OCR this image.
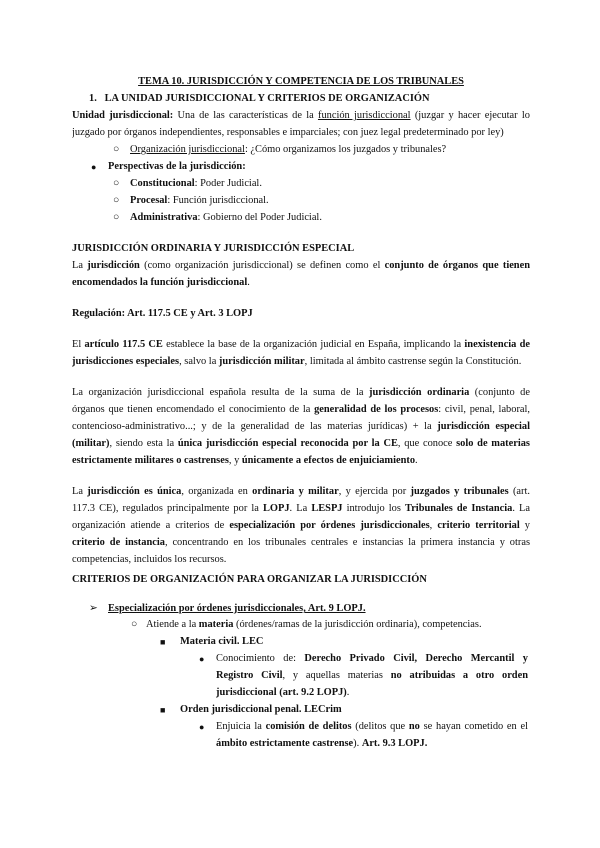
TEMA 10. JURISDICCIÓN Y COMPETENCIA DE LOS TRIBUNALES
1. LA UNIDAD JURISDICCIONAL Y CRITERIOS DE ORGANIZACIÓN
Unidad jurisdiccional: Una de las características de la función jurisdiccional (juzgar y hacer ejecutar lo
juzgado por órganos independientes, responsables e imparciales; con juez legal predeterminado por ley)
○ Organización jurisdiccional: ¿Cómo organizamos los juzgados y tribunales?
● Perspectivas de la jurisdicción:
○ Constitucional: Poder Judicial.
○ Procesal: Función jurisdiccional.
○ Administrativa: Gobierno del Poder Judicial.
JURISDICCIÓN ORDINARIA Y JURISDICCIÓN ESPECIAL
La jurisdicción (como organización jurisdiccional) se definen como el conjunto de órganos que tienen
encomendados la función jurisdiccional.
Regulación: Art. 117.5 CE y Art. 3 LOPJ
El artículo 117.5 CE establece la base de la organización judicial en España, implicando la inexistencia de
jurisdicciones especiales, salvo la jurisdicción militar, limitada al ámbito castrense según la Constitución.
La organización jurisdiccional española resulta de la suma de la jurisdicción ordinaria (conjunto de
órganos que tienen encomendado el conocimiento de la generalidad de los procesos: civil, penal, laboral,
contencioso-administrativo...; y de la generalidad de las materias jurídicas) + la jurisdicción especial
(militar), siendo esta la única jurisdicción especial reconocida por la CE, que conoce solo de materias
estrictamente militares o castrenses, y únicamente a efectos de enjuiciamiento.
La jurisdicción es única, organizada en ordinaria y militar, y ejercida por juzgados y tribunales (art.
117.3 CE), regulados principalmente por la LOPJ. La LESPJ introdujo los Tribunales de Instancia. La
organización atiende a criterios de especialización por órdenes jurisdiccionales, criterio territorial y
criterio de instancia, concentrando en los tribunales centrales e instancias la primera instancia y otras
competencias, incluidos los recursos.
CRITERIOS DE ORGANIZACIÓN PARA ORGANIZAR LA JURISDICCIÓN
➢ Especialización por órdenes jurisdiccionales, Art. 9 LOPJ.
○ Atiende a la materia (órdenes/ramas de la jurisdicción ordinaria), competencias.
■ Materia civil. LEC
● Conocimiento de: Derecho Privado Civil, Derecho Mercantil y
Registro Civil, y aquellas materias no atribuidas a otro orden
jurisdiccional (art. 9.2 LOPJ).
■ Orden jurisdiccional penal. LECrim
● Enjuicia la comisión de delitos (delitos que no se hayan cometido en el
ámbito estrictamente castrense). Art. 9.3 LOPJ.
